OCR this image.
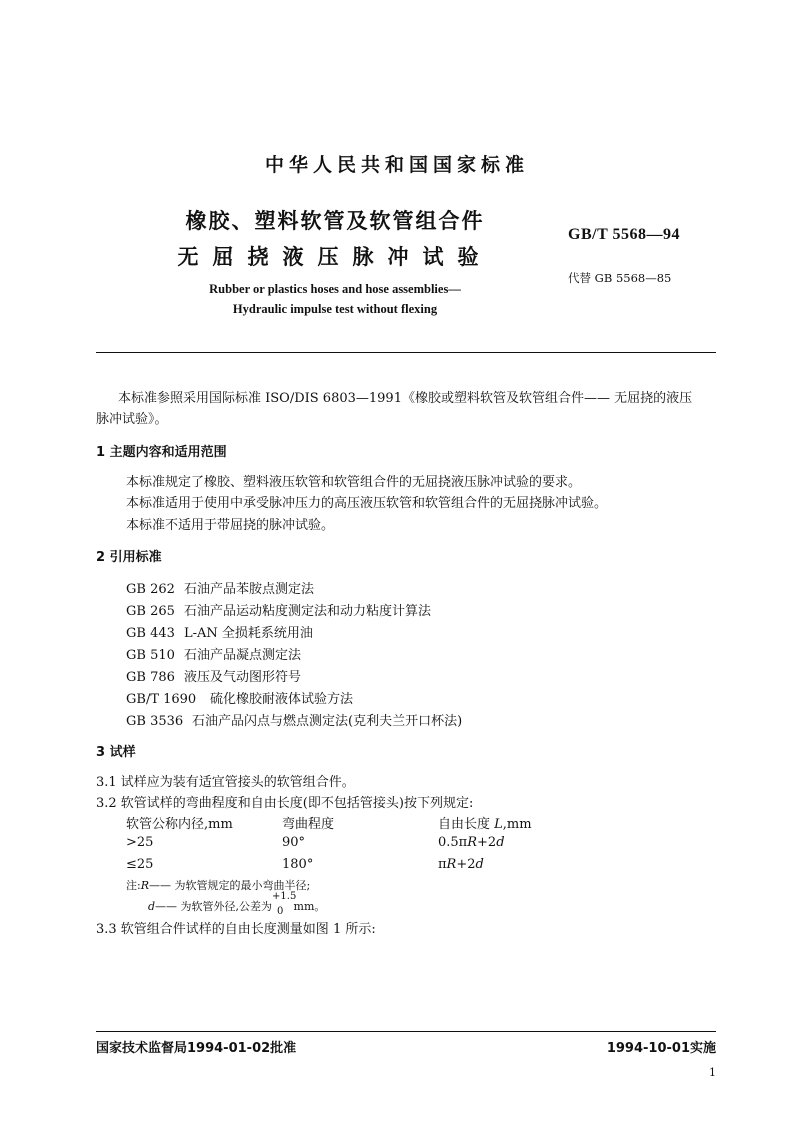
中华人民共和国国家标准
橡胶、塑料软管及软管组合件
无屈挠液压脉冲试验
GB/T 5568—94
代替 GB 5568—85
Rubber or plastics hoses and hose assemblies—
Hydraulic impulse test without flexing
本标准参照采用国际标准 ISO/DIS 6803—1991《橡胶或塑料软管及软管组合件—— 无屈挠的液压
脉冲试验》。
1 主题内容和适用范围
本标准规定了橡胶、塑料液压软管和软管组合件的无屈挠液压脉冲试验的要求。
本标准适用于使用中承受脉冲压力的高压液压软管和软管组合件的无屈挠脉冲试验。
本标准不适用于带屈挠的脉冲试验。
2 引用标准
GB 262 石油产品苯胺点测定法
GB 265 石油产品运动粘度测定法和动力粘度计算法
GB 443 L-AN 全损耗系统用油
GB 510 石油产品凝点测定法
GB 786 液压及气动图形符号
GB/T 1690 硫化橡胶耐液体试验方法
GB 3536 石油产品闪点与燃点测定法(克利夫兰开口杯法)
3 试样
3.1 试样应为装有适宜管接头的软管组合件。
3.2 软管试样的弯曲程度和自由长度(即不包括管接头)按下列规定:
软管公称内径,mm	弯曲程度	自由长度 L,mm
>25	90°	0.5πR+2d
≤25	180°	πR+2d
注:R—— 为软管规定的最小弯曲半径;
d—— 为软管外径,公差为
+1.5
0 mm。
3.3 软管组合件试样的自由长度测量如图 1 所示:
国家技术监督局1994-01-02批准	1994-10-01实施
1
